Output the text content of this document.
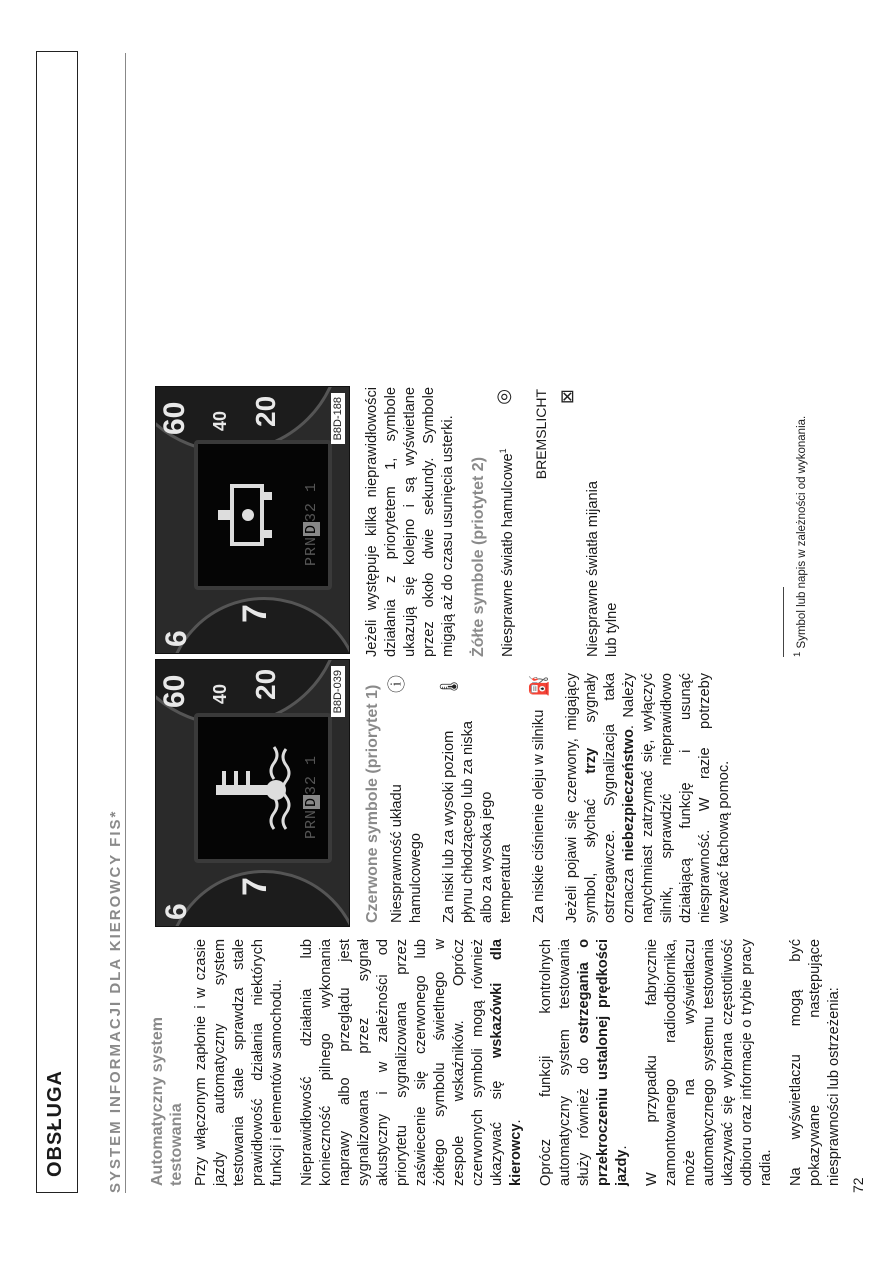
OBSŁUGA	SYSTEM INFORMACJI DLA KIEROWCY FIS* Automatyczny system testowania Przy włączonym zapłonie i w czasie jazdy automatyczny system testowania stale sprawdza stale prawidłowość działania niektórych funkcji i elementów samochodu. Nieprawidłowość działania lub konieczność pilnego wykonania naprawy albo przeglądu jest sygnalizowana przez sygnał akustyczny i w zależności od priorytetu sygnalizowana przez zaświecenie się czerwonego lub żółtego symbolu świetlnego w zespole wskaźników. Oprócz czerwonych symboli mogą również ukazywać się wskazówki dla kierowcy. Oprócz funkcji kontrolnych automatyczny system testowania służy również do ostrzegania o przekroczeniu ustalonej prędkości jazdy. W przypadku fabrycznie zamontowanego radioodbiornika, może na wyświetlaczu automatycznego systemu testowania ukazywać się wybrana częstotliwość odbioru oraz informacje o trybie pracy radia. Na wyświetlaczu mogą być pokazywane następujące niesprawności lub ostrzeżenia:

6
7
60 40 20
PRND32 1
B8D-039
6
7
60 40 20
PRND32 1
B8D-188
Czerwone symbole (priorytet 1) Niesprawność układu hamulcowego
ⓘ
Za niski lub za wysoki poziom płynu chłodzącego lub za niska albo za wysoka jego temperatura
🌡
Za niskie ciśnienie oleju w silniku
⛽ Jeżeli pojawi się czerwony, migający symbol, słychać trzy sygnały ostrzegawcze. Sygnalizacja taka oznacza niebezpieczeństwo. Należy natychmiast zatrzymać się, wyłączyć silnik, sprawdzić nieprawidłowo działającą funkcję i usunąć niesprawność. W razie potrzeby wezwać fachową pomoc.

Jeżeli występuje kilka nieprawidłowości działania z priorytetem 1, symbole ukazują się kolejno i są wyświetlane przez około dwie sekundy. Symbole migają aż do czasu usunięcia usterki. Żółte symbole (priotytet 2) Niesprawne światło hamulcowe$^1$
◎ BREMSLICHT
Niesprawne światła mijania lub tylne
⊠
$^1$ Symbol lub napis w zależności od wykonania.
72
